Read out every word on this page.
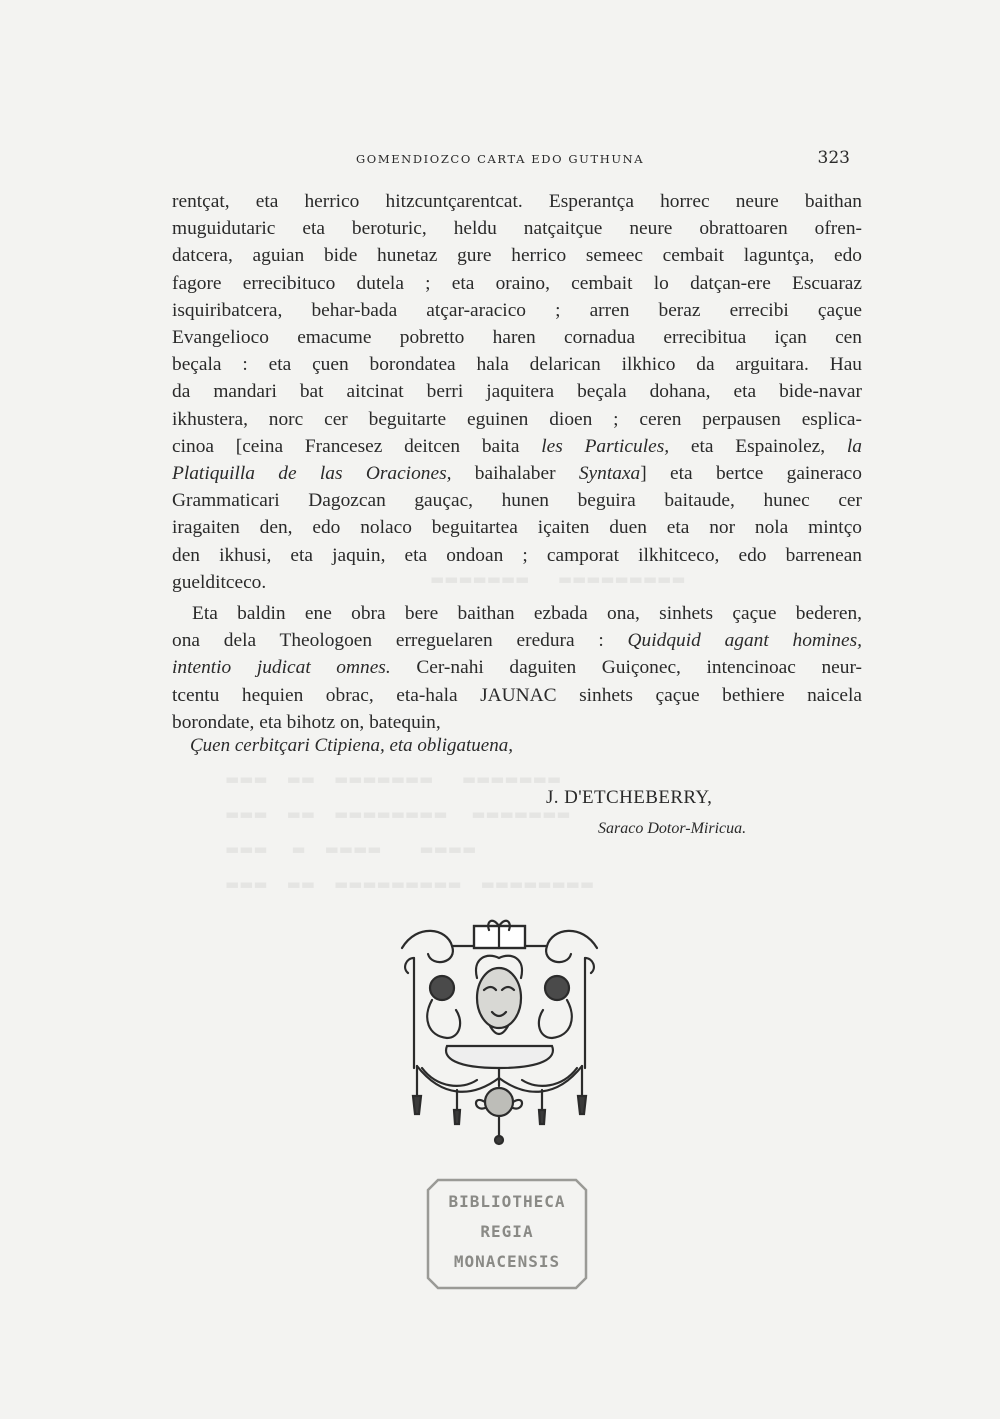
▬▬▬▬▬▬▬      ▬▬▬▬▬▬▬▬▬
▬▬▬    ▬▬    ▬▬▬▬▬▬▬      ▬▬▬▬▬▬▬
▬▬▬    ▬▬    ▬▬▬▬▬▬▬▬     ▬▬▬▬▬▬▬
▬▬▬     ▬    ▬▬▬▬        ▬▬▬▬
▬▬▬    ▬▬    ▬▬▬▬▬▬▬▬▬    ▬▬▬▬▬▬▬▬
GOMENDIOZCO CARTA EDO GUTHUNA	323

rentçat, eta herrico hitzcuntçarentcat. Esperantça horrec neure baithan
muguidutaric eta beroturic, heldu natçaitçue neure obrattoaren ofren-
datcera, aguian bide hunetaz gure herrico semeec cembait laguntça, edo
fagore errecibituco dutela ; eta oraino, cembait lo datçan-ere Escuaraz
isquiribatcera, behar-bada atçar-aracico ; arren beraz errecibi çaçue
Evangelioco emacume pobretto haren cornadua errecibitua içan cen
beçala : eta çuen borondatea hala delarican ilkhico da arguitara. Hau
da mandari bat aitcinat berri jaquitera beçala dohana, eta bide-navar
ikhustera, norc cer beguitarte eguinen dioen ; ceren perpausen esplica-
cinoa [ceina Francesez deitcen baita les Particules, eta Espainolez, la
Platiquilla de las Oraciones, baihalaber Syntaxa] eta bertce gaineraco
Grammaticari Dagozcan gauçac, hunen beguira baitaude, hunec cer
iragaiten den, edo nolaco beguitartea içaiten duen eta nor nola mintço
den ikhusi, eta jaquin, eta ondoan ; camporat ilkhitceco, edo barrenean
guelditceco.

Eta baldin ene obra bere baithan ezbada ona, sinhets çaçue bederen,
ona dela Theologoen erreguelaren eredura : Quidquid agant homines,
intentio judicat omnes. Cer-nahi daguiten Guiçonec, intencinoac neur-
tcentu hequien obrac, eta-hala JAUNAC sinhets çaçue bethiere naicela
borondate, eta bihotz on, batequin,

Çuen cerbitçari Ctipiena, eta obligatuena,
J. D'ETCHEBERRY,
Saraco Dotor-Miricua.
BIBLIOTHECA
REGIA
MONACENSIS
